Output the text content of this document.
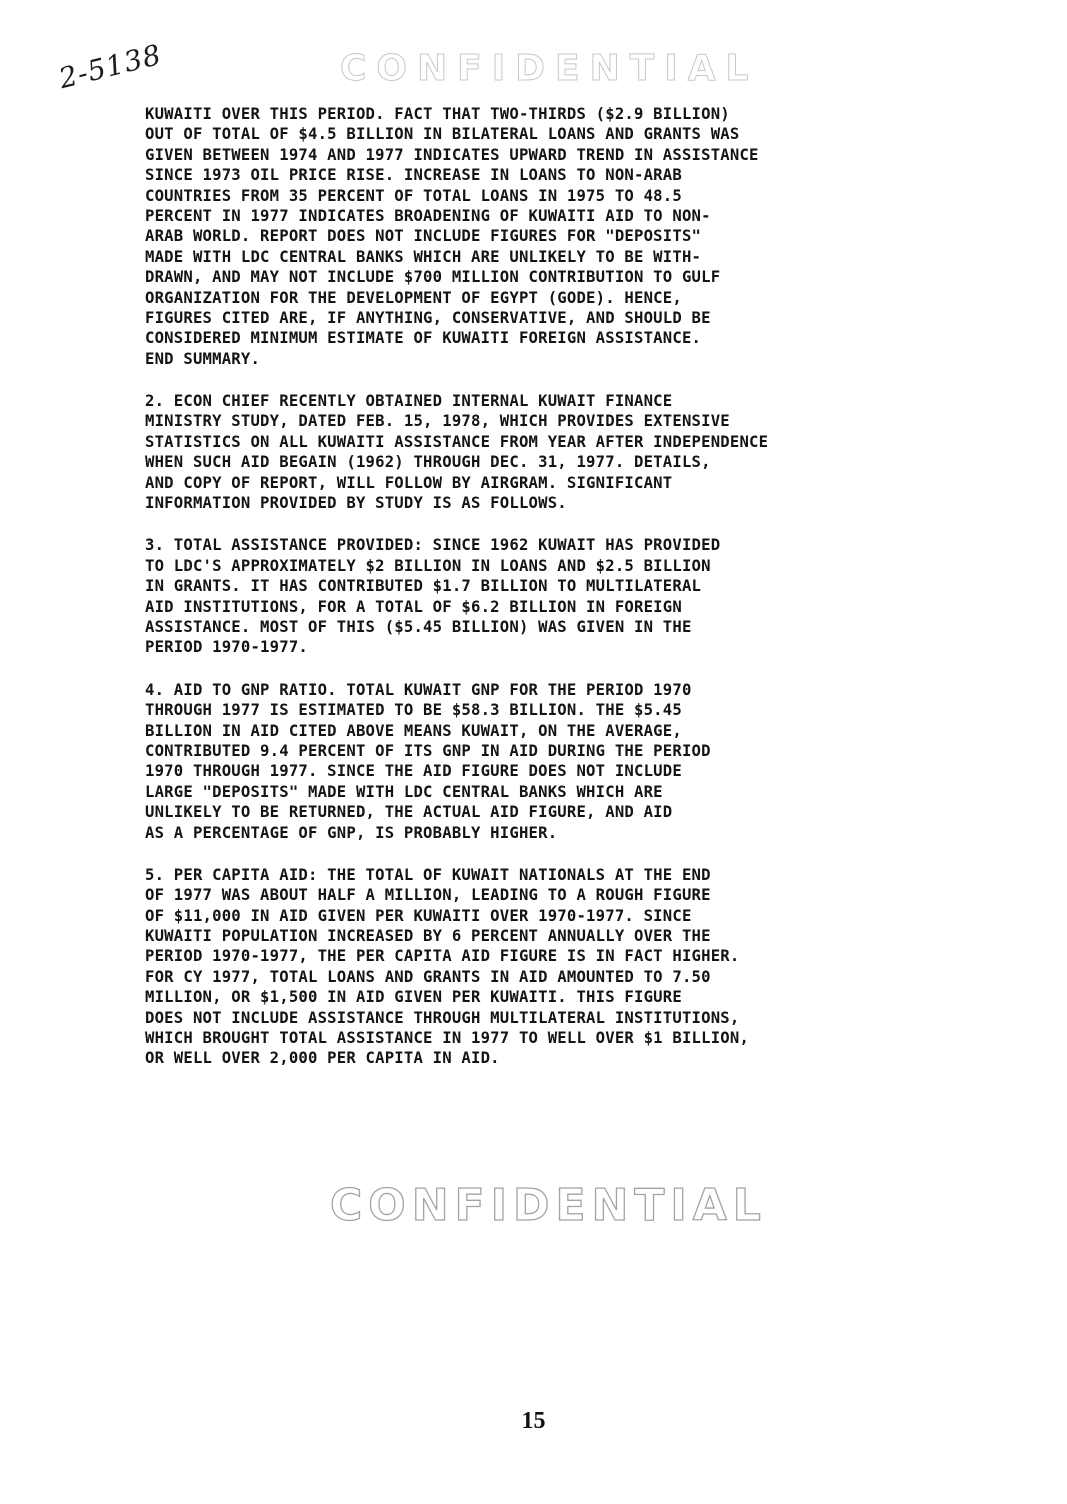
2-5138	CONFIDENTIAL
KUWAITI OVER THIS PERIOD. FACT THAT TWO-THIRDS ($2.9 BILLION)
OUT OF TOTAL OF $4.5 BILLION IN BILATERAL LOANS AND GRANTS WAS
GIVEN BETWEEN 1974 AND 1977 INDICATES UPWARD TREND IN ASSISTANCE
SINCE 1973 OIL PRICE RISE. INCREASE IN LOANS TO NON-ARAB
COUNTRIES FROM 35 PERCENT OF TOTAL LOANS IN 1975 TO 48.5
PERCENT IN 1977 INDICATES BROADENING OF KUWAITI AID TO NON-
ARAB WORLD. REPORT DOES NOT INCLUDE FIGURES FOR "DEPOSITS"
MADE WITH LDC CENTRAL BANKS WHICH ARE UNLIKELY TO BE WITH-
DRAWN, AND MAY NOT INCLUDE $700 MILLION CONTRIBUTION TO GULF
ORGANIZATION FOR THE DEVELOPMENT OF EGYPT (GODE). HENCE,
FIGURES CITED ARE, IF ANYTHING, CONSERVATIVE, AND SHOULD BE
CONSIDERED MINIMUM ESTIMATE OF KUWAITI FOREIGN ASSISTANCE.
END SUMMARY.
2. ECON CHIEF RECENTLY OBTAINED INTERNAL KUWAIT FINANCE
MINISTRY STUDY, DATED FEB. 15, 1978, WHICH PROVIDES EXTENSIVE
STATISTICS ON ALL KUWAITI ASSISTANCE FROM YEAR AFTER INDEPENDENCE
WHEN SUCH AID BEGAIN (1962) THROUGH DEC. 31, 1977. DETAILS,
AND COPY OF REPORT, WILL FOLLOW BY AIRGRAM. SIGNIFICANT
INFORMATION PROVIDED BY STUDY IS AS FOLLOWS.
3. TOTAL ASSISTANCE PROVIDED: SINCE 1962 KUWAIT HAS PROVIDED
TO LDC'S APPROXIMATELY $2 BILLION IN LOANS AND $2.5 BILLION
IN GRANTS. IT HAS CONTRIBUTED $1.7 BILLION TO MULTILATERAL
AID INSTITUTIONS, FOR A TOTAL OF $6.2 BILLION IN FOREIGN
ASSISTANCE. MOST OF THIS ($5.45 BILLION) WAS GIVEN IN THE
PERIOD 1970-1977.
4. AID TO GNP RATIO. TOTAL KUWAIT GNP FOR THE PERIOD 1970
THROUGH 1977 IS ESTIMATED TO BE $58.3 BILLION. THE $5.45
BILLION IN AID CITED ABOVE MEANS KUWAIT, ON THE AVERAGE,
CONTRIBUTED 9.4 PERCENT OF ITS GNP IN AID DURING THE PERIOD
1970 THROUGH 1977. SINCE THE AID FIGURE DOES NOT INCLUDE
LARGE "DEPOSITS" MADE WITH LDC CENTRAL BANKS WHICH ARE
UNLIKELY TO BE RETURNED, THE ACTUAL AID FIGURE, AND AID
AS A PERCENTAGE OF GNP, IS PROBABLY HIGHER.
5. PER CAPITA AID: THE TOTAL OF KUWAIT NATIONALS AT THE END
OF 1977 WAS ABOUT HALF A MILLION, LEADING TO A ROUGH FIGURE
OF $11,000 IN AID GIVEN PER KUWAITI OVER 1970-1977. SINCE
KUWAITI POPULATION INCREASED BY 6 PERCENT ANNUALLY OVER THE
PERIOD 1970-1977, THE PER CAPITA AID FIGURE IS IN FACT HIGHER.
FOR CY 1977, TOTAL LOANS AND GRANTS IN AID AMOUNTED TO 7.50
MILLION, OR $1,500 IN AID GIVEN PER KUWAITI. THIS FIGURE
DOES NOT INCLUDE ASSISTANCE THROUGH MULTILATERAL INSTITUTIONS,
WHICH BROUGHT TOTAL ASSISTANCE IN 1977 TO WELL OVER $1 BILLION,
OR WELL OVER 2,000 PER CAPITA IN AID.
CONFIDENTIAL
15
